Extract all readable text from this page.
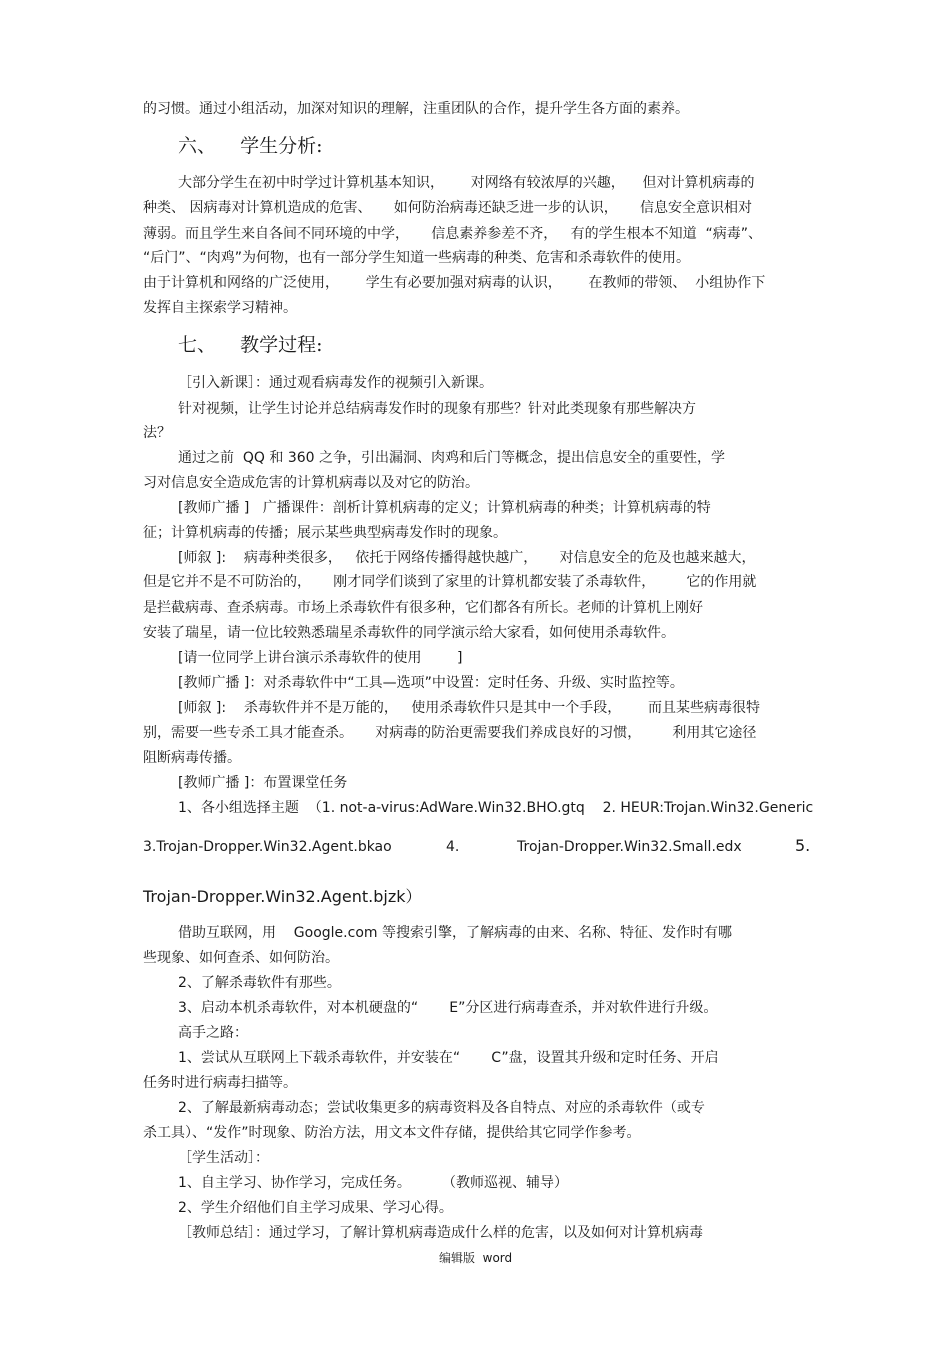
的习惯。通过小组活动，加深对知识的理解，注重团队的合作，提升学生各方面的素养。

六、    学生分析:

大部分学生在初中时学过计算机基本知识，      对网络有较浓厚的兴趣，    但对计算机病毒的

种类、 因病毒对计算机造成的危害、     如何防治病毒还缺乏进一步的认识，     信息安全意识相对

薄弱。而且学生来自各间不同环境的中学，     信息素养参差不齐，   有的学生根本不知道  “病毒”、

“后门”、“肉鸡”为何物，也有一部分学生知道一些病毒的种类、危害和杀毒软件的使用。

由于计算机和网络的广泛使用，      学生有必要加强对病毒的认识，      在教师的带领、  小组协作下

发挥自主探索学习精神。

七、    教学过程:

［引入新课］：通过观看病毒发作的视频引入新课。

针对视频，让学生讨论并总结病毒发作时的现象有那些？针对此类现象有那些解决方

法？

通过之前  QQ 和 360 之争，引出漏洞、肉鸡和后门等概念，提出信息安全的重要性，学

习对信息安全造成危害的计算机病毒以及对它的防治。

[教师广播 ]   广播课件：剖析计算机病毒的定义；计算机病毒的种类；计算机病毒的特

征；计算机病毒的传播；展示某些典型病毒发作时的现象。

[师叙 ]:    病毒种类很多，   依托于网络传播得越快越广，     对信息安全的危及也越来越大，

但是它并不是不可防治的，     刚才同学们谈到了家里的计算机都安装了杀毒软件，       它的作用就

是拦截病毒、查杀病毒。市场上杀毒软件有很多种，它们都各有所长。老师的计算机上刚好

安装了瑞星，请一位比较熟悉瑞星杀毒软件的同学演示给大家看，如何使用杀毒软件。

[请一位同学上讲台演示杀毒软件的使用        ]

[教师广播 ]：对杀毒软件中“工具—选项”中设置：定时任务、升级、实时监控等。

[师叙 ]:    杀毒软件并不是万能的，   使用杀毒软件只是其中一个手段，      而且某些病毒很特

别，需要一些专杀工具才能查杀。     对病毒的防治更需要我们养成良好的习惯，       利用其它途径

阻断病毒传播。

[教师广播 ]：布置课堂任务

1、各小组选择主题  （1. not-a-virus:AdWare.Win32.BHO.gtq    2. HEUR:Trojan.Win32.Generic

3.Trojan-Dropper.Win32.Agent.bkao	4.	Trojan-Dropper.Win32.Small.edx	5.

Trojan-Dropper.Win32.Agent.bjzk）

借助互联网，用    Google.com 等搜索引擎，了解病毒的由来、名称、特征、发作时有哪

些现象、如何查杀、如何防治。

2、了解杀毒软件有那些。

3、启动本机杀毒软件，对本机硬盘的“       E”分区进行病毒查杀，并对软件进行升级。

高手之路：

1、尝试从互联网上下载杀毒软件，并安装在“       C”盘，设置其升级和定时任务、开启

任务时进行病毒扫描等。

2、了解最新病毒动态；尝试收集更多的病毒资料及各自特点、对应的杀毒软件（或专

杀工具）、“发作”时现象、防治方法，用文本文件存储，提供给其它同学作参考。

［学生活动］：

1、自主学习、协作学习，完成任务。       （教师巡视、辅导）

2、学生介绍他们自主学习成果、学习心得。

［教师总结］：通过学习，了解计算机病毒造成什么样的危害，以及如何对计算机病毒

编辑版  word
